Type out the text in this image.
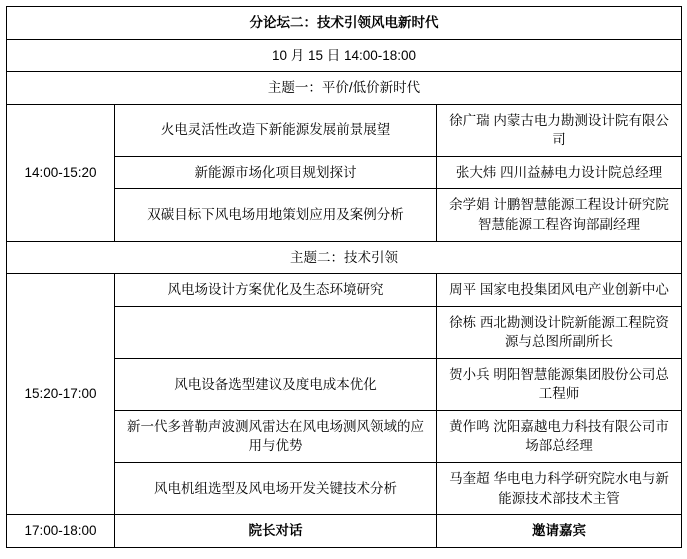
分论坛二：技术引领风电新时代		
10 月 15 日 14:00-18:00		
主题一：平价/低价新时代		
14:00-15:20	火电灵活性改造下新能源发展前景展望	徐广瑞 内蒙古电力勘测设计院有限公司
	新能源市场化项目规划探讨	张大炜 四川益赫电力设计院总经理
	双碳目标下风电场用地策划应用及案例分析	余学娟 计鹏智慧能源工程设计研究院智慧能源工程咨询部副经理
主题二：技术引领		
15:20-17:00	风电场设计方案优化及生态环境研究	周平 国家电投集团风电产业创新中心
		徐栋 西北勘测设计院新能源工程院资源与总图所副所长
	风电设备选型建议及度电成本优化	贺小兵 明阳智慧能源集团股份公司总工程师
	新一代多普勒声波测风雷达在风电场测风领域的应用与优势	黄作鸣 沈阳嘉越电力科技有限公司市场部总经理
	风电机组选型及风电场开发关键技术分析	马奎超 华电电力科学研究院水电与新能源技术部技术主管
17:00-18:00	院长对话	邀请嘉宾
